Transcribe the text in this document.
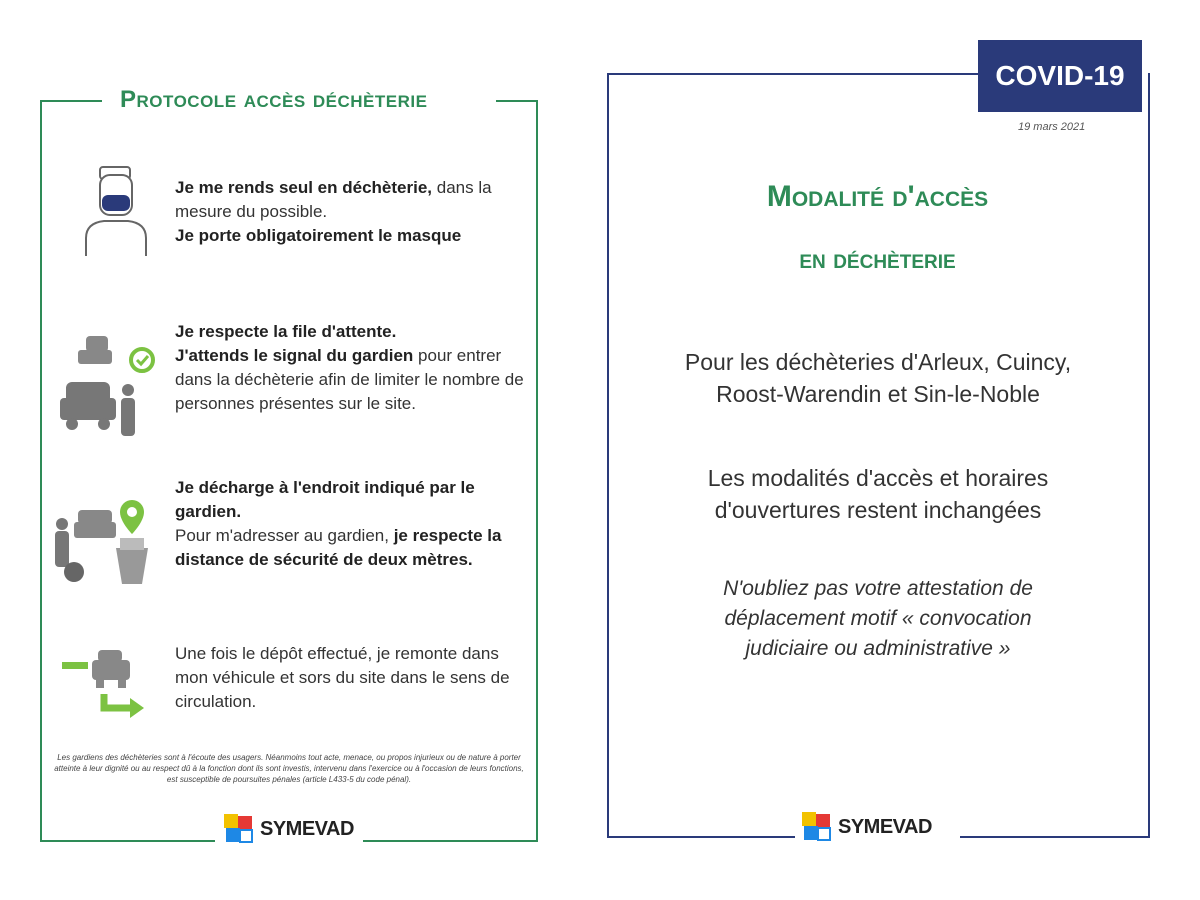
Protocole accès déchèterie
Je me rends seul en déchèterie, dans la mesure du possible.
Je porte obligatoirement le masque
Je respecte la file d'attente.
J'attends le signal du gardien pour entrer dans la déchèterie afin de limiter le nombre de personnes présentes sur le site.
Je décharge à l'endroit indiqué par le gardien.
Pour m'adresser au gardien, je respecte la distance de sécurité de deux mètres.
Une fois le dépôt effectué, je remonte dans mon véhicule et sors du site dans le sens de circulation.
Les gardiens des déchèteries sont à l'écoute des usagers. Néanmoins tout acte, menace, ou propos injurieux ou de nature à porter atteinte à leur dignité ou au respect dû à la fonction dont ils sont investis, intervenu dans l'exercice ou à l'occasion de leurs fonctions, est susceptible de poursuites pénales (article L433-5 du code pénal).
SYMEVAD
COVID-19
19 mars 2021
Modalité d'accès
en déchèterie
Pour les déchèteries d'Arleux, Cuincy, Roost-Warendin et Sin-le-Noble
Les modalités d'accès et horaires d'ouvertures restent inchangées
N'oubliez pas votre attestation de déplacement motif « convocation judiciaire ou administrative »
SYMEVAD
